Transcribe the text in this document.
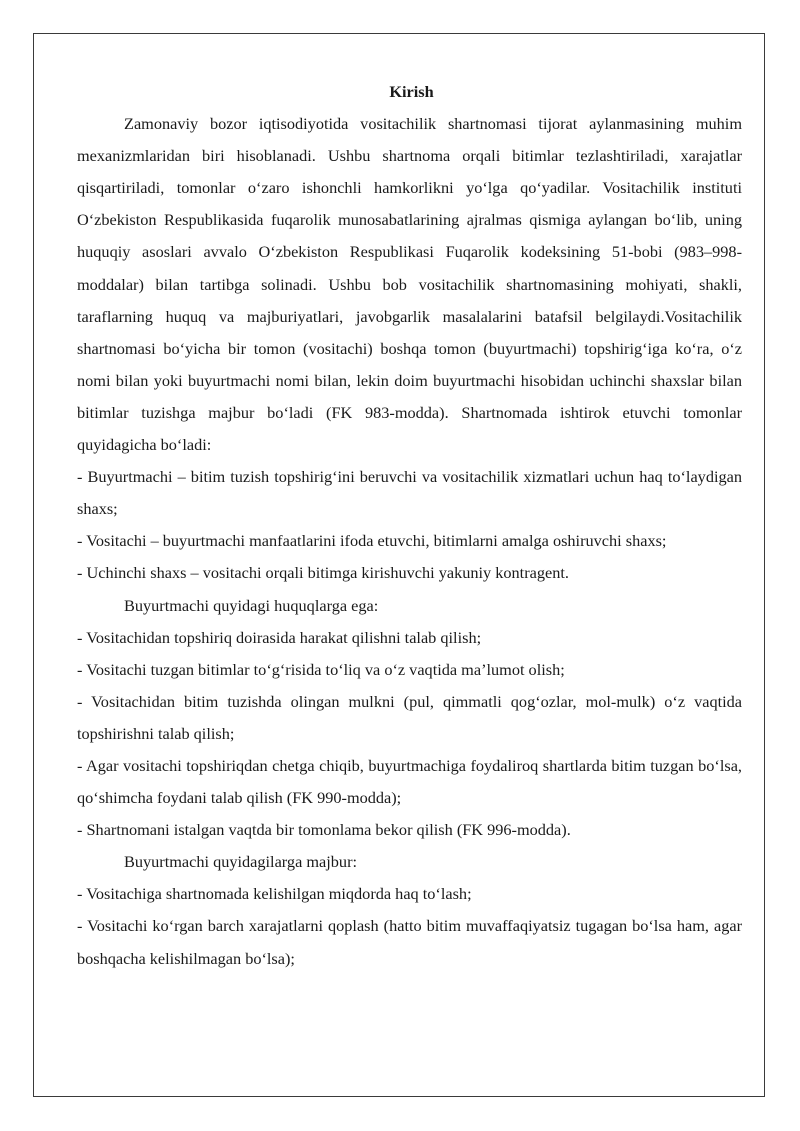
Kirish

Zamonaviy bozor iqtisodiyotida vositachilik shartnomasi tijorat aylanmasining muhim mexanizmlaridan biri hisoblanadi. Ushbu shartnoma orqali bitimlar tezlashtiriladi, xarajatlar qisqartiriladi, tomonlar o‘zaro ishonchli hamkorlikni yo‘lga qo‘yadilar. Vositachilik instituti O‘zbekiston Respublikasida fuqarolik munosabatlarining ajralmas qismiga aylangan bo‘lib, uning huquqiy asoslari avvalo O‘zbekiston Respublikasi Fuqarolik kodeksining 51-bobi (983–998-moddalar) bilan tartibga solinadi. Ushbu bob vositachilik shartnomasining mohiyati, shakli, taraflarning huquq va majburiyatlari, javobgarlik masalalarini batafsil belgilaydi.Vositachilik shartnomasi bo‘yicha bir tomon (vositachi) boshqa tomon (buyurtmachi) topshirig‘iga ko‘ra, o‘z nomi bilan yoki buyurtmachi nomi bilan, lekin doim buyurtmachi hisobidan uchinchi shaxslar bilan bitimlar tuzishga majbur bo‘ladi (FK 983-modda). Shartnomada ishtirok etuvchi tomonlar quyidagicha bo‘ladi:

- Buyurtmachi – bitim tuzish topshirig‘ini beruvchi va vositachilik xizmatlari uchun haq to‘laydigan shaxs;

- Vositachi – buyurtmachi manfaatlarini ifoda etuvchi, bitimlarni amalga oshiruvchi shaxs;

- Uchinchi shaxs – vositachi orqali bitimga kirishuvchi yakuniy kontragent.

Buyurtmachi quyidagi huquqlarga ega:

- Vositachidan topshiriq doirasida harakat qilishni talab qilish;

- Vositachi tuzgan bitimlar to‘g‘risida to‘liq va o‘z vaqtida ma’lumot olish;

- Vositachidan bitim tuzishda olingan mulkni (pul, qimmatli qog‘ozlar, mol-mulk) o‘z vaqtida topshirishni talab qilish;

- Agar vositachi topshiriqdan chetga chiqib, buyurtmachiga foydaliroq shartlarda bitim tuzgan bo‘lsa, qo‘shimcha foydani talab qilish (FK 990-modda);

- Shartnomani istalgan vaqtda bir tomonlama bekor qilish (FK 996-modda).

Buyurtmachi quyidagilarga majbur:

- Vositachiga shartnomada kelishilgan miqdorda haq to‘lash;

- Vositachi ko‘rgan barch xarajatlarni qoplash (hatto bitim muvaffaqiyatsiz tugagan bo‘lsa ham, agar boshqacha kelishilmagan bo‘lsa);
